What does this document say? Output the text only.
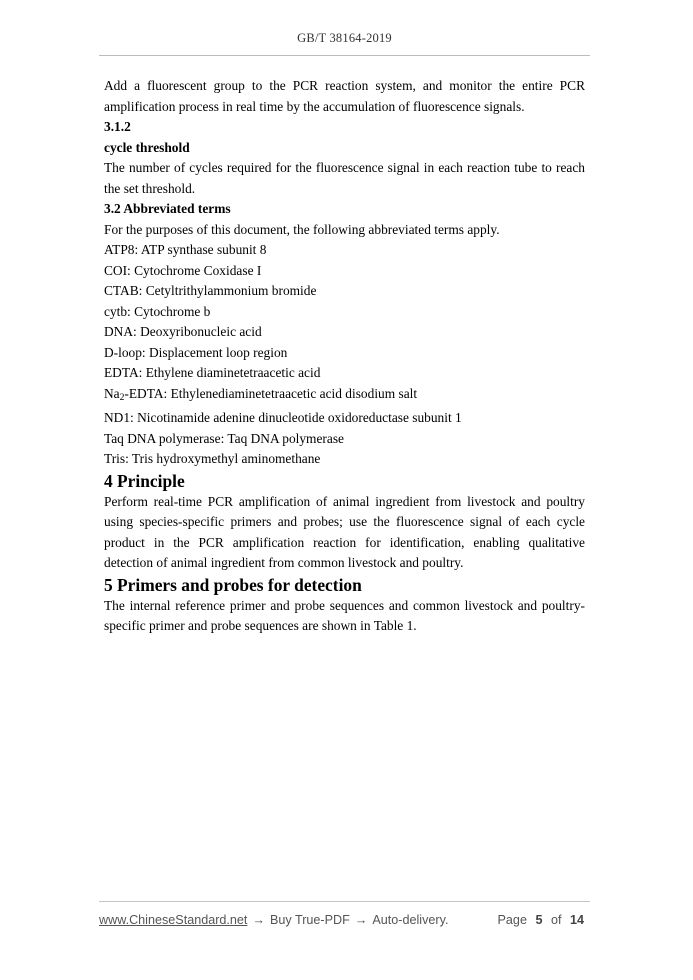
GB/T 38164-2019

Add a fluorescent group to the PCR reaction system, and monitor the entire PCR amplification process in real time by the accumulation of fluorescence signals.

3.1.2

cycle threshold

The number of cycles required for the fluorescence signal in each reaction tube to reach the set threshold.

3.2 Abbreviated terms

For the purposes of this document, the following abbreviated terms apply.

ATP8: ATP synthase subunit 8

COI: Cytochrome Coxidase I

CTAB: Cetyltrithylammonium bromide

cytb: Cytochrome b

DNA: Deoxyribonucleic acid

D-loop: Displacement loop region

EDTA: Ethylene diaminetetraacetic acid

$Na_2$-EDTA: Ethylenediaminetetraacetic acid disodium salt

ND1: Nicotinamide adenine dinucleotide oxidoreductase subunit 1

Taq DNA polymerase: Taq DNA polymerase

Tris: Tris hydroxymethyl aminomethane

4 Principle

Perform real-time PCR amplification of animal ingredient from livestock and poultry using species-specific primers and probes; use the fluorescence signal of each cycle product in the PCR amplification reaction for identification, enabling qualitative detection of animal ingredient from common livestock and poultry.

5 Primers and probes for detection

The internal reference primer and probe sequences and common livestock and poultry-specific primer and probe sequences are shown in Table 1.

www.ChineseStandard.net → Buy True-PDF → Auto-delivery.	Page 5 of 14
